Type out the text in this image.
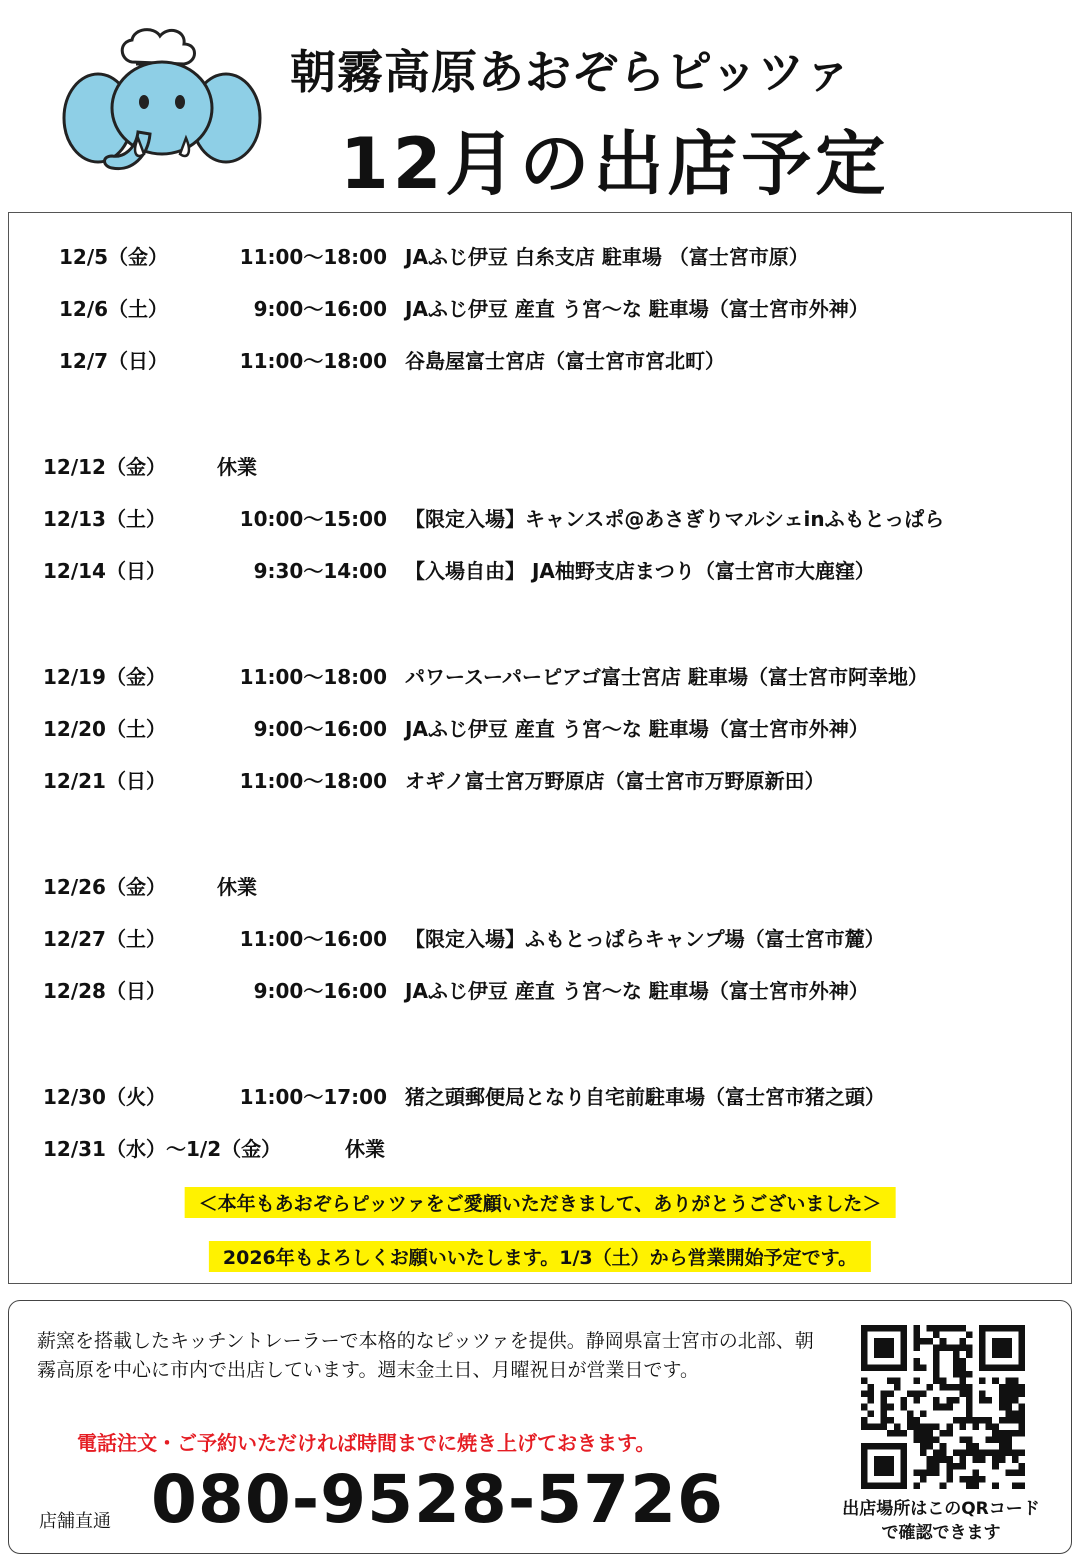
朝霧高原あおぞらピッツァ
12月の出店予定
12/5（金）	11:00〜18:00 JAふじ伊豆 白糸支店 駐車場 （富士宮市原）
12/6（土）	9:00〜16:00 JAふじ伊豆 産直 う宮〜な 駐車場（富士宮市外神）
12/7（日）	11:00〜18:00 谷島屋富士宮店（富士宮市宮北町）
12/12（金）	休業
12/13（土）	10:00〜15:00 【限定入場】キャンスポ@あさぎりマルシェinふもとっぱら
12/14（日）	9:30〜14:00 【入場自由】 JA柚野支店まつり（富士宮市大鹿窪）
12/19（金）	11:00〜18:00 パワースーパーピアゴ富士宮店 駐車場（富士宮市阿幸地）
12/20（土）	9:00〜16:00 JAふじ伊豆 産直 う宮〜な 駐車場（富士宮市外神）
12/21（日）	11:00〜18:00 オギノ富士宮万野原店（富士宮市万野原新田）
12/26（金）	休業
12/27（土）	11:00〜16:00 【限定入場】ふもとっぱらキャンプ場（富士宮市麓）
12/28（日）	9:00〜16:00 JAふじ伊豆 産直 う宮〜な 駐車場（富士宮市外神）
12/30（火）	11:00〜17:00 猪之頭郵便局となり自宅前駐車場（富士宮市猪之頭）
12/31（水）〜1/2（金）	休業
＜本年もあおぞらピッツァをご愛顧いただきまして、ありがとうございました＞
2026年もよろしくお願いいたします。1/3（土）から営業開始予定です。
薪窯を搭載したキッチントレーラーで本格的なピッツァを提供。静岡県富士宮市の北部、朝霧高原を中心に市内で出店しています。週末金土日、月曜祝日が営業日です。
電話注文・ご予約いただければ時間までに焼き上げておきます。
店舗直通 080-9528-5726	出店場所はこのQRコード
で確認できます
